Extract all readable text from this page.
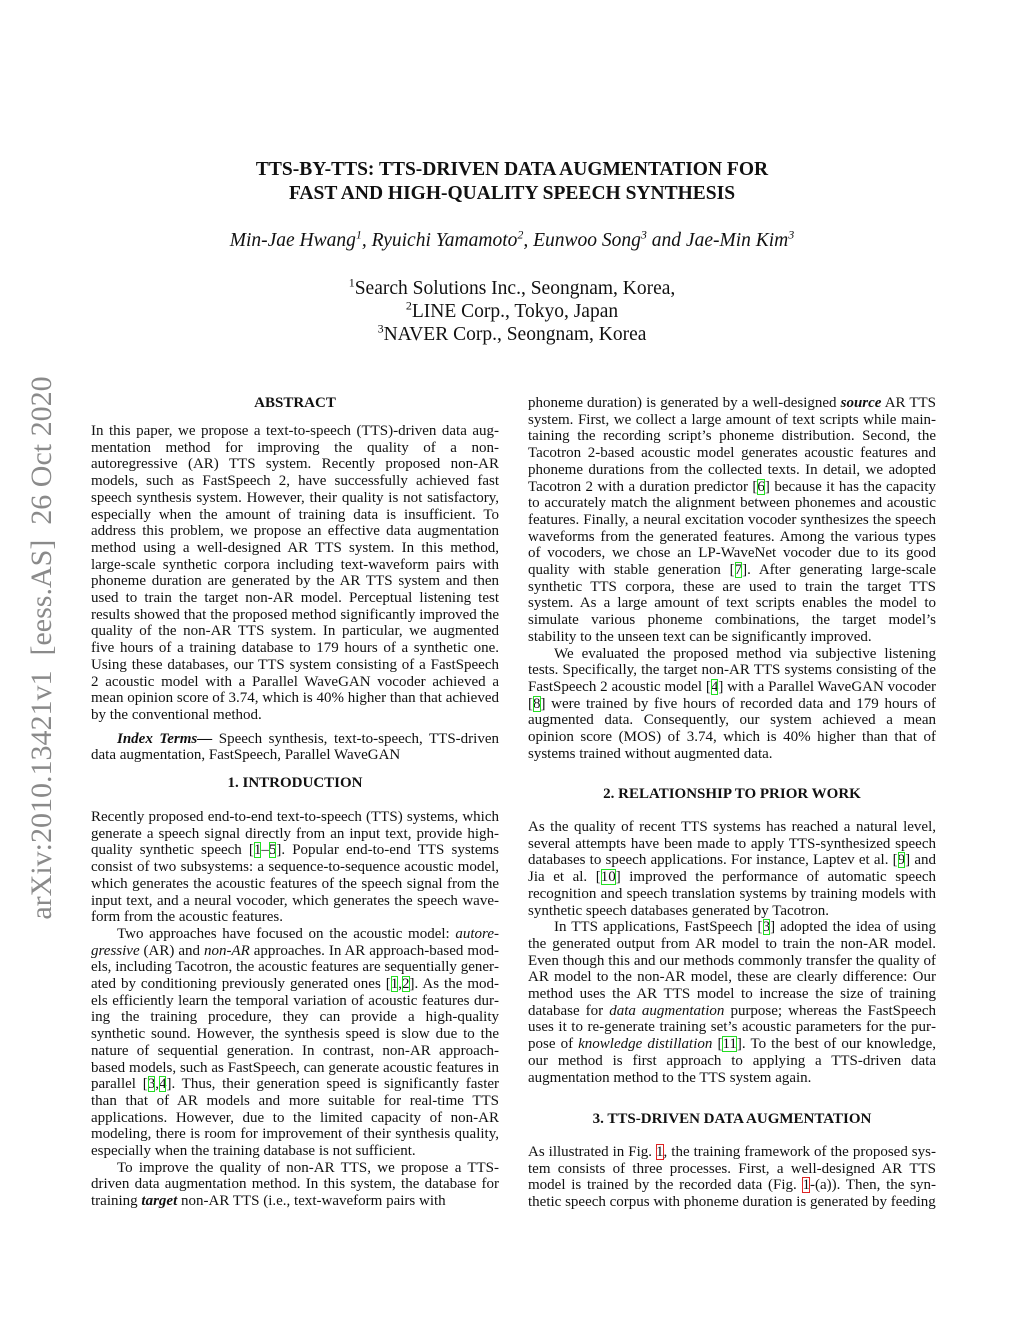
arXiv:2010.13421v1  [eess.AS]  26 Oct 2020
TTS-BY-TTS: TTS-DRIVEN DATA AUGMENTATION FOR
FAST AND HIGH-QUALITY SPEECH SYNTHESIS
Min-Jae Hwang$^1$, Ryuichi Yamamoto$^2$, Eunwoo Song$^3$ and Jae-Min Kim$^3$
$^1$Search Solutions Inc., Seongnam, Korea,
$^2$LINE Corp., Tokyo, Japan
$^3$NAVER Corp., Seongnam, Korea
ABSTRACT

In this paper, we propose a text-to-speech (TTS)-driven data augmentation method for improving the quality of a non-autoregressive (AR) TTS system. Recently proposed non-AR models, such as FastSpeech 2, have successfully achieved fast speech synthesis system. However, their quality is not satisfactory, especially when the amount of training data is insufficient. To address this problem, we propose an effective data augmentation method using a well-designed AR TTS system. In this method, large-scale synthetic corpora including text-waveform pairs with phoneme duration are generated by the AR TTS system and then used to train the target non-AR model. Perceptual listening test results showed that the proposed method significantly improved the quality of the non-AR TTS system. In particular, we augmented five hours of a training database to 179 hours of a synthetic one. Using these databases, our TTS system consisting of a FastSpeech 2 acoustic model with a Parallel WaveGAN vocoder achieved a mean opinion score of 3.74, which is 40% higher than that achieved by the conventional method.

Index Terms— Speech synthesis, text-to-speech, TTS-driven data augmentation, FastSpeech, Parallel WaveGAN

1. INTRODUCTION

Recently proposed end-to-end text-to-speech (TTS) systems, which generate a speech signal directly from an input text, provide high-quality synthetic speech [1–5]. Popular end-to-end TTS systems consist of two subsystems: a sequence-to-sequence acoustic model, which generates the acoustic features of the speech signal from the input text, and a neural vocoder, which generates the speech waveform from the acoustic features.

Two approaches have focused on the acoustic model: autoregressive (AR) and non-AR approaches. In AR approach-based models, including Tacotron, the acoustic features are sequentially generated by conditioning previously generated ones [1,2]. As the models efficiently learn the temporal variation of acoustic features during the training procedure, they can provide a high-quality synthetic sound. However, the synthesis speed is slow due to the nature of sequential generation. In contrast, non-AR approach-based models, such as FastSpeech, can generate acoustic features in parallel [3,4]. Thus, their generation speed is significantly faster than that of AR models and more suitable for real-time TTS applications. However, due to the limited capacity of non-AR modeling, there is room for improvement of their synthesis quality, especially when the training database is not sufficient.

To improve the quality of non-AR TTS, we propose a TTS-driven data augmentation method. In this system, the database for training target non-AR TTS (i.e., text-waveform pairs with

phoneme duration) is generated by a well-designed source AR TTS system. First, we collect a large amount of text scripts while maintaining the recording script’s phoneme distribution. Second, the Tacotron 2-based acoustic model generates acoustic features and phoneme durations from the collected texts. In detail, we adopted Tacotron 2 with a duration predictor [6] because it has the capacity to accurately match the alignment between phonemes and acoustic features. Finally, a neural excitation vocoder synthesizes the speech waveforms from the generated features. Among the various types of vocoders, we chose an LP-WaveNet vocoder due to its good quality with stable generation [7]. After generating large-scale synthetic TTS corpora, these are used to train the target TTS system. As a large amount of text scripts enables the model to simulate various phoneme combinations, the target model’s stability to the unseen text can be significantly improved.

We evaluated the proposed method via subjective listening tests. Specifically, the target non-AR TTS systems consisting of the FastSpeech 2 acoustic model [4] with a Parallel WaveGAN vocoder [8] were trained by five hours of recorded data and 179 hours of augmented data. Consequently, our system achieved a mean opinion score (MOS) of 3.74, which is 40% higher than that of systems trained without augmented data.

2. RELATIONSHIP TO PRIOR WORK

As the quality of recent TTS systems has reached a natural level, several attempts have been made to apply TTS-synthesized speech databases to speech applications. For instance, Laptev et al. [9] and Jia et al. [10] improved the performance of automatic speech recognition and speech translation systems by training models with synthetic speech databases generated by Tacotron.

In TTS applications, FastSpeech [3] adopted the idea of using the generated output from AR model to train the non-AR model. Even though this and our methods commonly transfer the quality of AR model to the non-AR model, these are clearly difference: Our method uses the AR TTS model to increase the size of training database for data augmentation purpose; whereas the FastSpeech uses it to re-generate training set’s acoustic parameters for the purpose of knowledge distillation [11]. To the best of our knowledge, our method is first approach to applying a TTS-driven data augmentation method to the TTS system again.

3. TTS-DRIVEN DATA AUGMENTATION

As illustrated in Fig. 1, the training framework of the proposed system consists of three processes. First, a well-designed AR TTS model is trained by the recorded data (Fig. 1-(a)). Then, the synthetic speech corpus with phoneme duration is generated by feeding
